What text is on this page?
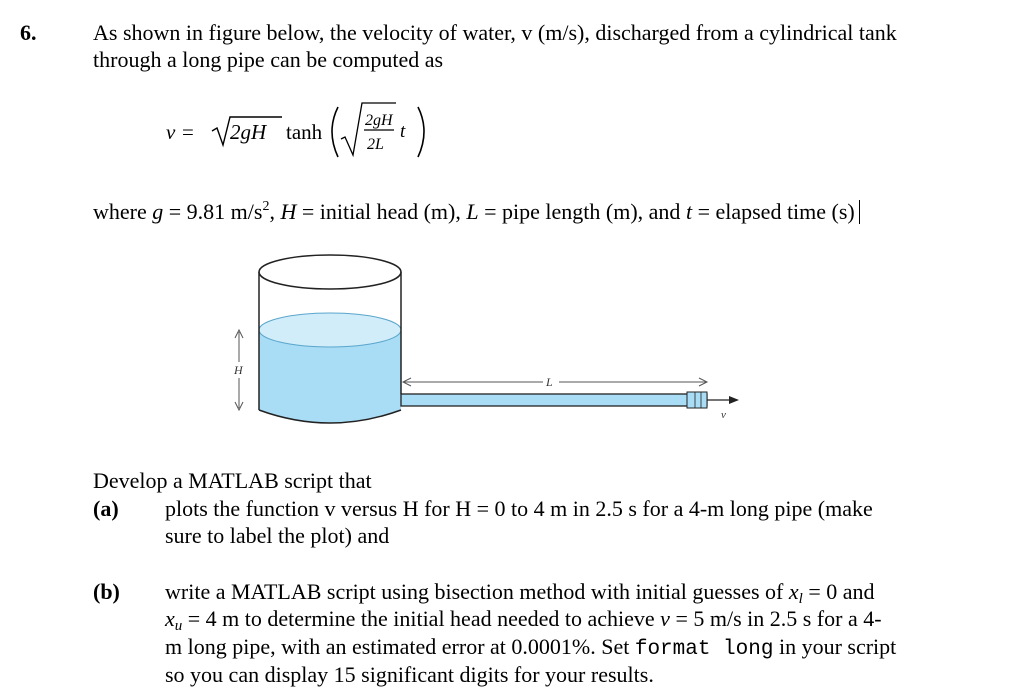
6.	As shown in figure below, the velocity of water, v (m/s), discharged from a cylindrical tank
through a long pipe can be computed as
v = 2gH tanh	2gH
2L
t
where g = 9.81 $m/s^2$, H = initial head (m), L = pipe length (m), and t = elapsed time (s)
H
L
v
Develop a MATLAB script that
(a) plots the function v versus H for H = 0 to 4 m in 2.5 s for a 4-m long pipe (make
sure to label the plot) and
(b) write a MATLAB script using bisection method with initial guesses of $x_l = 0$ and
$x_u = 4$ m to determine the initial head needed to achieve v = 5 m/s in 2.5 s for a 4-
m long pipe, with an estimated error at 0.0001%. Set format long in your script
so you can display 15 significant digits for your results.
